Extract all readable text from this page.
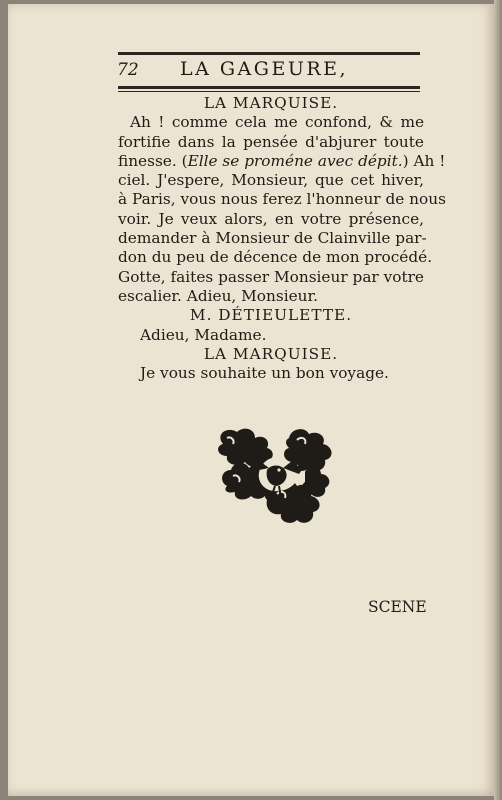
72 LA GAGEURE,
LA MARQUISE.
Ah ! comme cela me confond, & me
fortifie dans la pensée d'abjurer toute
finesse. (Elle se proméne avec dépit.) Ah !
ciel. J'espere, Monsieur, que cet hiver,
à Paris, vous nous ferez l'honneur de nous
voir. Je veux alors, en votre présence,
demander à Monsieur de Clainville par-
don du peu de décence de mon procédé.
Gotte, faites passer Monsieur par votre
escalier. Adieu, Monsieur.
M. DÉTIEULETTE.
Adieu, Madame.
LA MARQUISE.
Je vous souhaite un bon voyage.
SCENE
